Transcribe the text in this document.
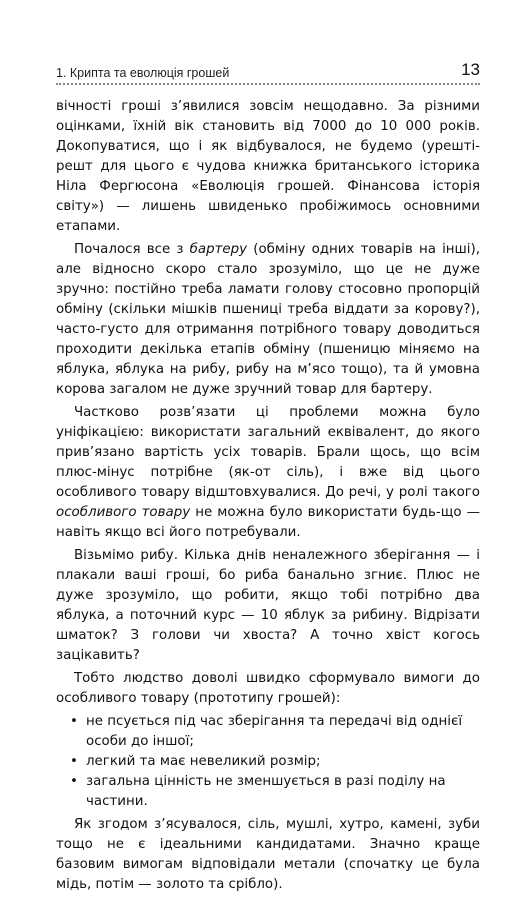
1. Крипта та еволюція грошей	13

вічності гроші з’явилися зовсім нещодавно. За різними оцінками, їхній вік становить від 7000 до 10 000 років. Докопуватися, що і як відбувалося, не будемо (урешті-решт для цього є чудова книжка британського історика Ніла Фергюсона «Еволюція грошей. Фінансова історія світу») — лишень швиденько пробіжимось основними етапами.

Почалося все з бартеру (обміну одних товарів на інші), але відносно скоро стало зрозуміло, що це не дуже зручно: постійно треба ламати голову стосовно пропорцій обміну (скільки мішків пшениці треба віддати за корову?), часто-густо для отримання потрібного товару доводиться проходити декілька етапів обміну (пшеницю міняємо на яблука, яблука на рибу, рибу на м’ясо тощо), та й умовна корова загалом не дуже зручний товар для бартеру.

Частково розв’язати ці проблеми можна було уніфікацією: використати загальний еквівалент, до якого прив’язано вартість усіх товарів. Брали щось, що всім плюс-мінус потрібне (як-от сіль), і вже від цього особливого товару відштовхувалися. До речі, у ролі такого особливого товару не можна було використати будь-що — навіть якщо всі його потребували.

Візьмімо рибу. Кілька днів неналежного зберігання — і плакали ваші гроші, бо риба банально згниє. Плюс не дуже зрозуміло, що робити, якщо тобі потрібно два яблука, а поточний курс — 10 яблук за рибину. Відрізати шматок? З голови чи хвоста? А точно хвіст когось зацікавить?

Тобто людство доволі швидко сформувало вимоги до особливого товару (прототипу грошей):

• не псується під час зберігання та передачі від однієї особи до іншої;
• легкий та має невеликий розмір;
• загальна цінність не зменшується в разі поділу на частини.

Як згодом з’ясувалося, сіль, мушлі, хутро, камені, зуби тощо не є ідеальними кандидатами. Значно краще базовим вимогам відповідали метали (спочатку це була мідь, потім — золото та срібло).
